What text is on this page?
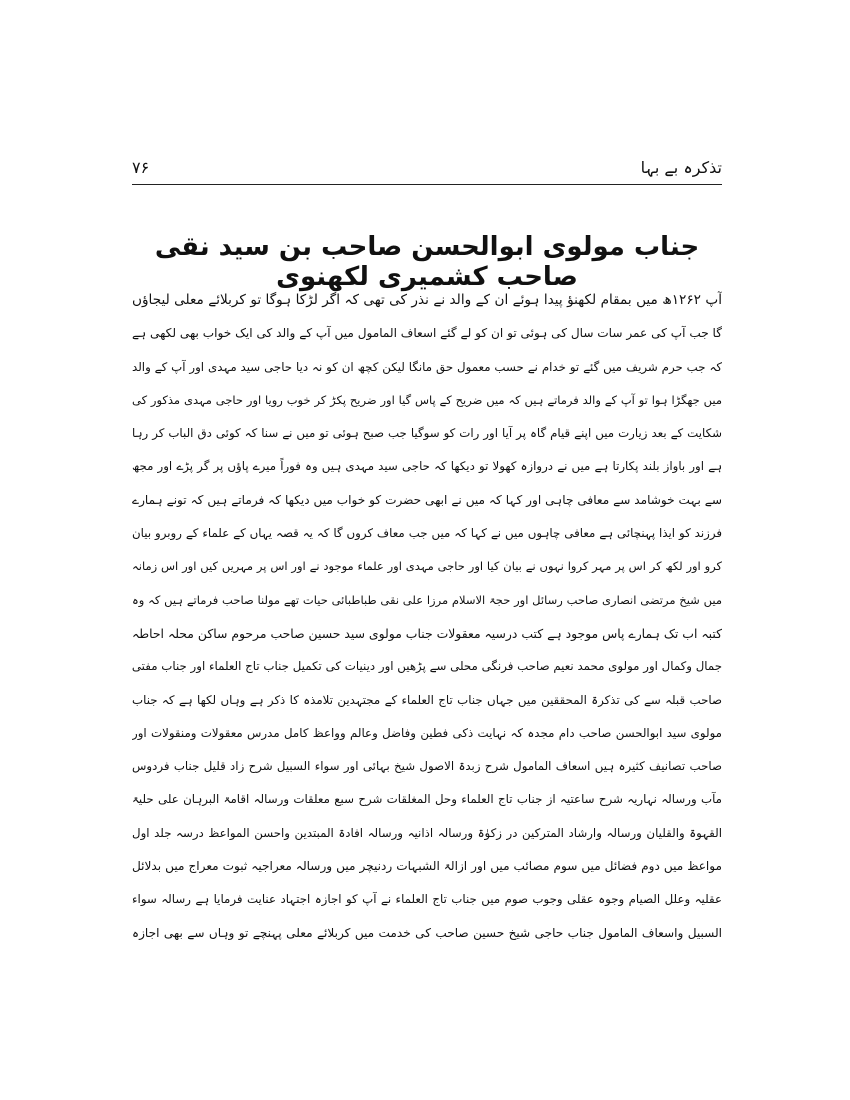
تذکرہ بے بہا
۷۶
جناب مولوی ابوالحسن صاحب بن سید نقی صاحب کشمیری لکھنوی
آپ ۱۲۶۲ھ میں بمقام لکھنؤ پیدا ہوئے ان کے والد نے نذر کی تھی کہ اگر لڑکا ہوگا تو کربلائے معلی لیجاؤں
گا جب آپ کی عمر سات سال کی ہوئی تو ان کو لے گئے اسعاف المامول میں آپ کے والد کی ایک خواب بھی لکھی ہے
کہ جب حرم شریف میں گئے تو خدام نے حسب معمول حق مانگا لیکن کچھ ان کو نہ دیا حاجی سید مہدی اور آپ کے والد
میں جھگڑا ہوا تو آپ کے والد فرماتے ہیں کہ میں ضریح کے پاس گیا اور ضریح پکڑ کر خوب رویا اور حاجی مہدی مذکور کی
شکایت کے بعد زیارت میں اپنے قیام گاہ پر آیا اور رات کو سوگیا جب صبح ہوئی تو میں نے سنا کہ کوئی دق الباب کر رہا
ہے اور باواز بلند پکارتا ہے میں نے دروازہ کھولا تو دیکھا کہ حاجی سید مہدی ہیں وہ فوراً میرے پاؤں پر گر پڑے اور مجھ
سے بہت خوشامد سے معافی چاہی اور کہا کہ میں نے ابھی حضرت کو خواب میں دیکھا کہ فرماتے ہیں کہ تونے ہمارے
فرزند کو ایذا پہنچائی ہے معافی چاہوں میں نے کہا کہ میں جب معاف کروں گا کہ یہ قصہ یہاں کے علماء کے روبرو بیان
کرو اور لکھ کر اس پر مہر کروا نہوں نے بیان کیا اور حاجی مہدی اور علماء موجود نے اور اس پر مہریں کیں اور اس زمانہ
میں شیخ مرتضی انصاری صاحب رسائل اور حجۃ الاسلام مرزا علی نقی طباطبائی حیات تھے مولنا صاحب فرماتے ہیں کہ وہ
کتبہ اب تک ہمارے پاس موجود ہے کتب درسیہ معقولات جناب مولوی سید حسین صاحب مرحوم ساکن محلہ احاطہ
جمال وکمال اور مولوی محمد نعیم صاحب فرنگی محلی سے پڑھیں اور دینیات کی تکمیل جناب تاج العلماء اور جناب مفتی
صاحب قبلہ سے کی تذکرۃ المحققین میں جہاں جناب تاج العلماء کے مجتہدین تلامذہ کا ذکر ہے وہاں لکھا ہے کہ جناب
مولوی سید ابوالحسن صاحب دام مجدہ کہ نہایت ذکی فطین وفاضل وعالم وواعظ کامل مدرس معقولات ومنقولات اور
صاحب تصانیف کثیرہ ہیں اسعاف المامول شرح زبدۃ الاصول شیخ بہائی اور سواء السبیل شرح زاد قلیل جناب فردوس
مآب ورسالہ نہاریہ شرح ساعتیہ از جناب تاج العلماء وحل المغلقات شرح سبع معلقات ورسالہ اقامۃ البرہان علی حلیۃ
القہوۃ والقلیان ورسالہ وارشاد المترکین در زکوٰۃ ورسالہ اذانیہ ورسالہ افادۃ المبتدین واحسن المواعظ درسہ جلد اول
مواعظ میں دوم فضائل میں سوم مصائب میں اور ازالۃ الشبہات ردنیچر میں ورسالہ معراجیہ ثبوت معراج میں بدلائل
عقلیہ وعلل الصیام وجوہ عقلی وجوب صوم میں جناب تاج العلماء نے آپ کو اجازہ اجتہاد عنایت فرمایا ہے رسالہ سواء
السبیل واسعاف المامول جناب حاجی شیخ حسین صاحب کی خدمت میں کربلائے معلی پہنچے تو وہاں سے بھی اجازہ
